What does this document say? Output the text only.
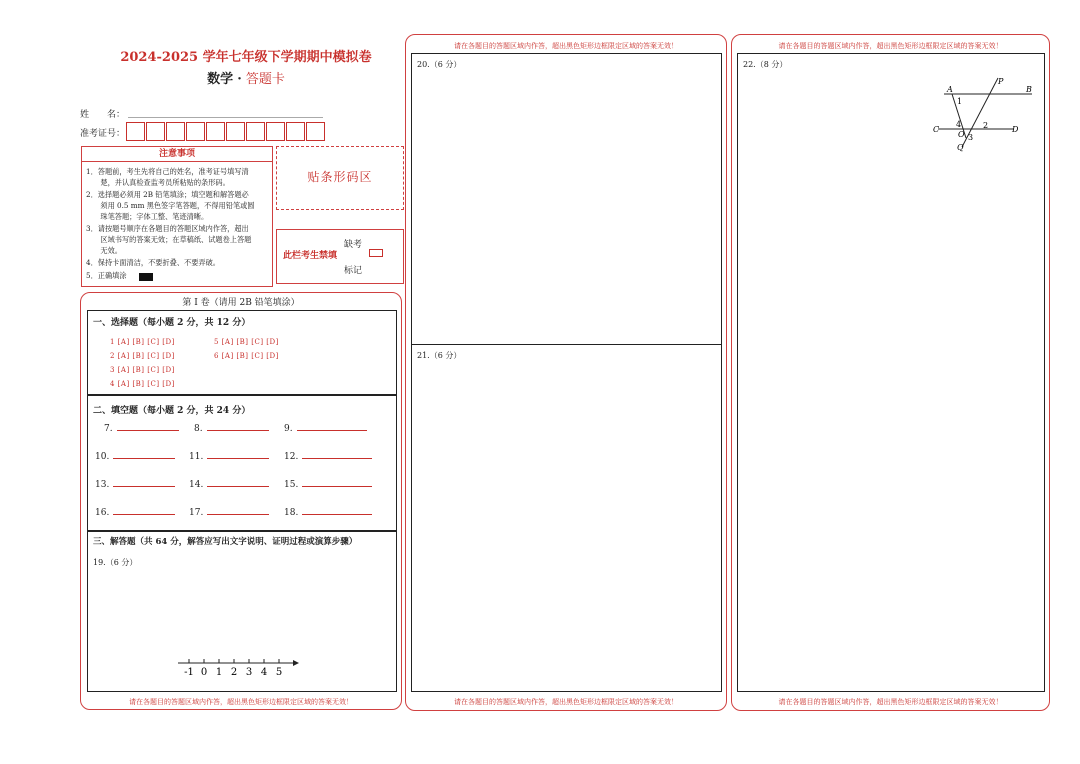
2024-2025 学年七年级下学期期中模拟卷
数学 · 答题卡
姓　　名：
准考证号：
注意事项
1．答题前，考生先将自己的姓名，准考证号填写清
　　楚，并认真检查监考员所粘贴的条形码。
2．选择题必须用 2B 铅笔填涂；填空题和解答题必
　　须用 0.5 mm 黑色签字笔答题，不得用铅笔或圆
　　珠笔答题；字体工整、笔迹清晰。
3．请按题号顺序在各题目的答题区域内作答，超出
　　区域书写的答案无效；在草稿纸、试题卷上答题
　　无效。
4．保持卡面清洁，不要折叠、不要弄破。
5．正确填涂
贴条形码区
此栏考生禁填
缺考
标记
第 I 卷（请用 2B 铅笔填涂）
一、选择题（每小题 2 分，共 12 分）
1 [A] [B] [C] [D]
2 [A] [B] [C] [D]
3 [A] [B] [C] [D]
4 [A] [B] [C] [D]
5 [A] [B] [C] [D]
6 [A] [B] [C] [D]
二、填空题（每小题 2 分，共 24 分）
7.	8.	9.
10.	11.	12.
13.	14.	15.
16.	17.	18.
三、解答题（共 64 分，解答应写出文字说明、证明过程或演算步骤）
19.（6 分）
-1 0 1 2 3 4 5
请在各题目的答题区域内作答，超出黑色矩形边框限定区域的答案无效！
请在各题目的答题区域内作答，超出黑色矩形边框限定区域的答案无效！
20.（6 分）
21.（6 分）
请在各题目的答题区域内作答，超出黑色矩形边框限定区域的答案无效！
请在各题目的答题区域内作答，超出黑色矩形边框限定区域的答案无效！
22.（8 分）
P
A	B
C	D
Q
O
1
2
3
4
请在各题目的答题区域内作答，超出黑色矩形边框限定区域的答案无效！
